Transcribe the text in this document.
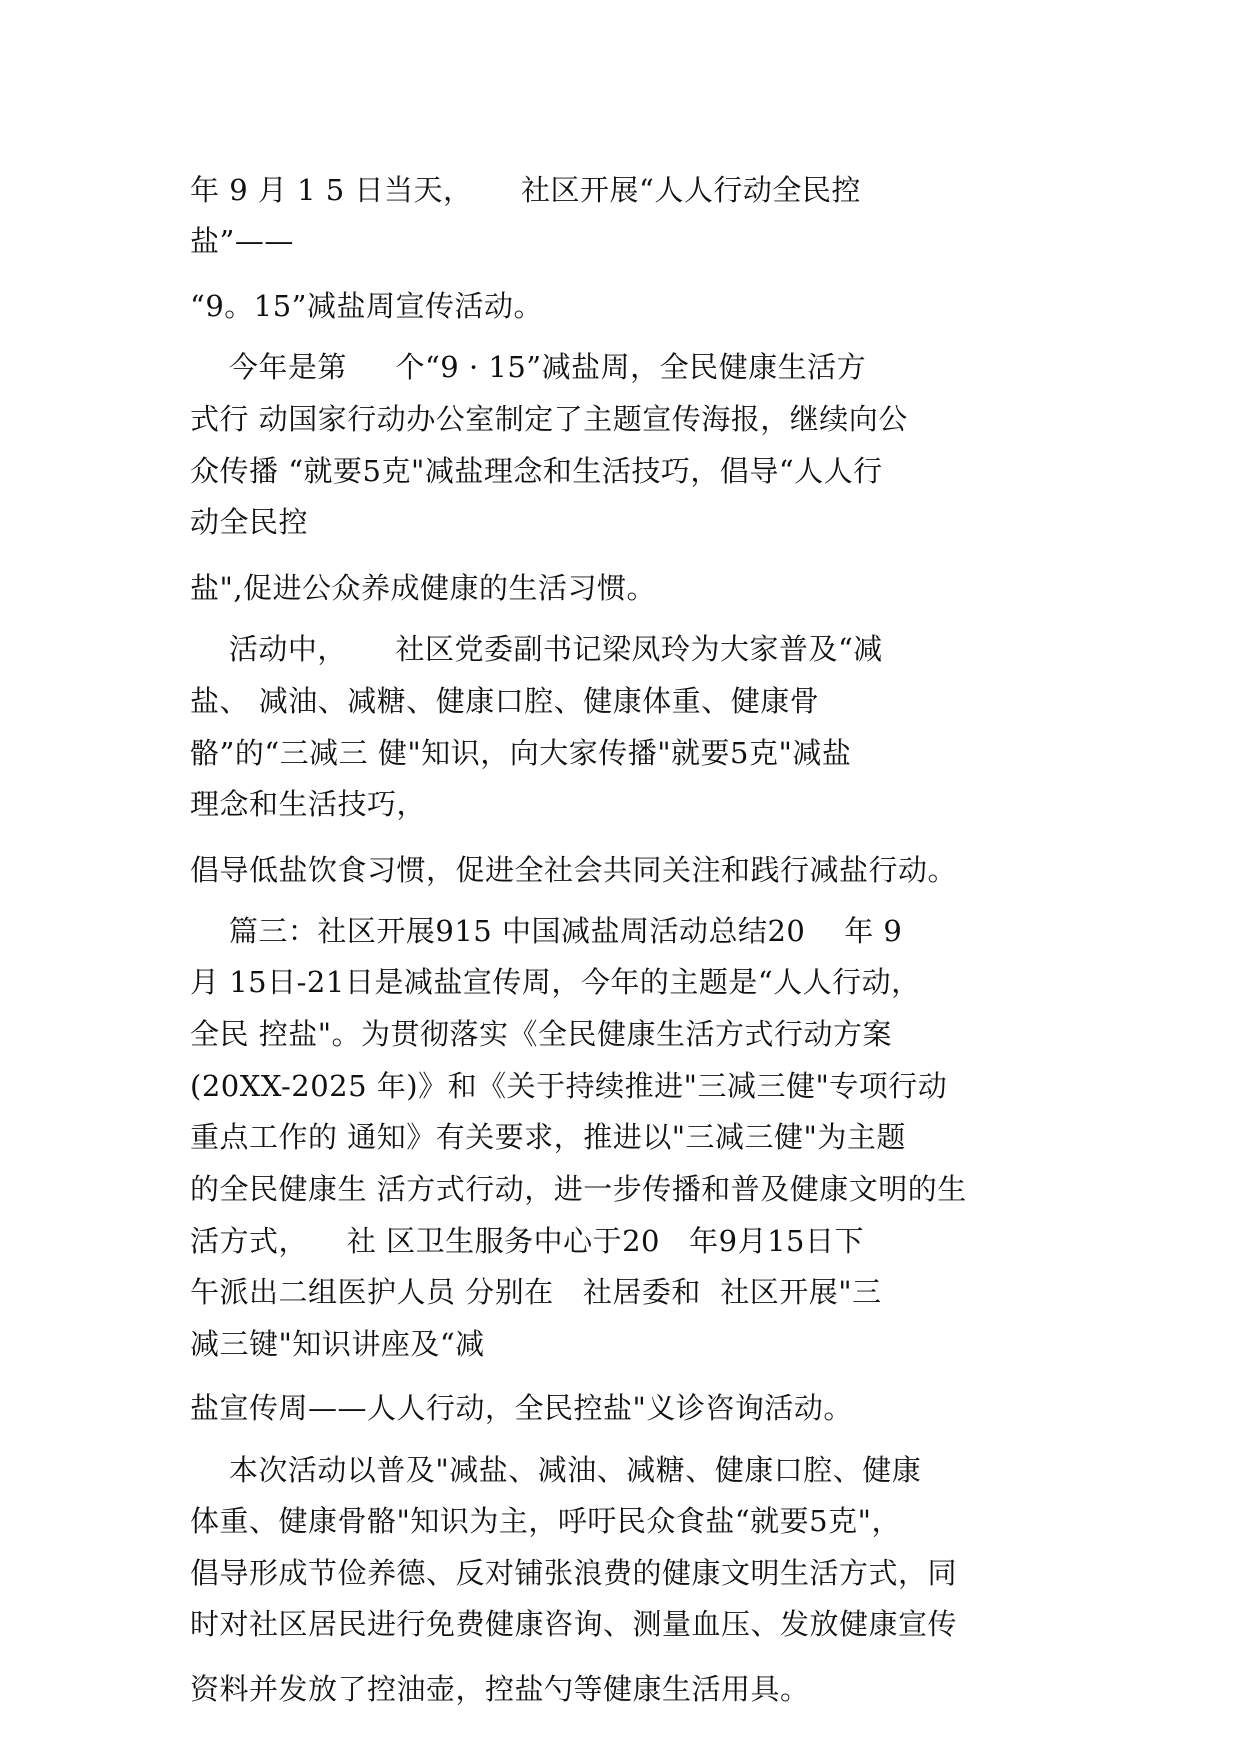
年 9 月 1 5 日当天，     社区开展“人人行动全民控
盐”——
“9。15”减盐周宣传活动。
今年是第     个“9 · 15”减盐周，全民健康生活方
式行 动国家行动办公室制定了主题宣传海报，继续向公
众传播 “就要5克"减盐理念和生活技巧，倡导“人人行
动全民控
盐",促进公众养成健康的生活习惯。
活动中，     社区党委副书记梁凤玲为大家普及“减
盐、 减油、减糖、健康口腔、健康体重、健康骨
骼”的“三减三 健"知识，向大家传播"就要5克"减盐
理念和生活技巧，
倡导低盐饮食习惯，促进全社会共同关注和践行减盐行动。
篇三：社区开展915 中国减盐周活动总结20    年 9
月 15日-21日是减盐宣传周，今年的主题是“人人行动，
全民 控盐"。为贯彻落实《全民健康生活方式行动方案
(20XX-2025 年)》和《关于持续推进"三减三健"专项行动
重点工作的 通知》有关要求，推进以"三减三健"为主题
的全民健康生 活方式行动，进一步传播和普及健康文明的生
活方式，    社 区卫生服务中心于20   年9月15日下
午派出二组医护人员 分别在   社居委和  社区开展"三
减三键"知识讲座及“减
盐宣传周——人人行动，全民控盐"义诊咨询活动。
本次活动以普及"减盐、减油、减糖、健康口腔、健康
体重、健康骨骼"知识为主，呼吁民众食盐“就要5克"，
倡导形成节俭养德、反对铺张浪费的健康文明生活方式，同
时对社区居民进行免费健康咨询、测量血压、发放健康宣传
资料并发放了控油壶，控盐勺等健康生活用具。
